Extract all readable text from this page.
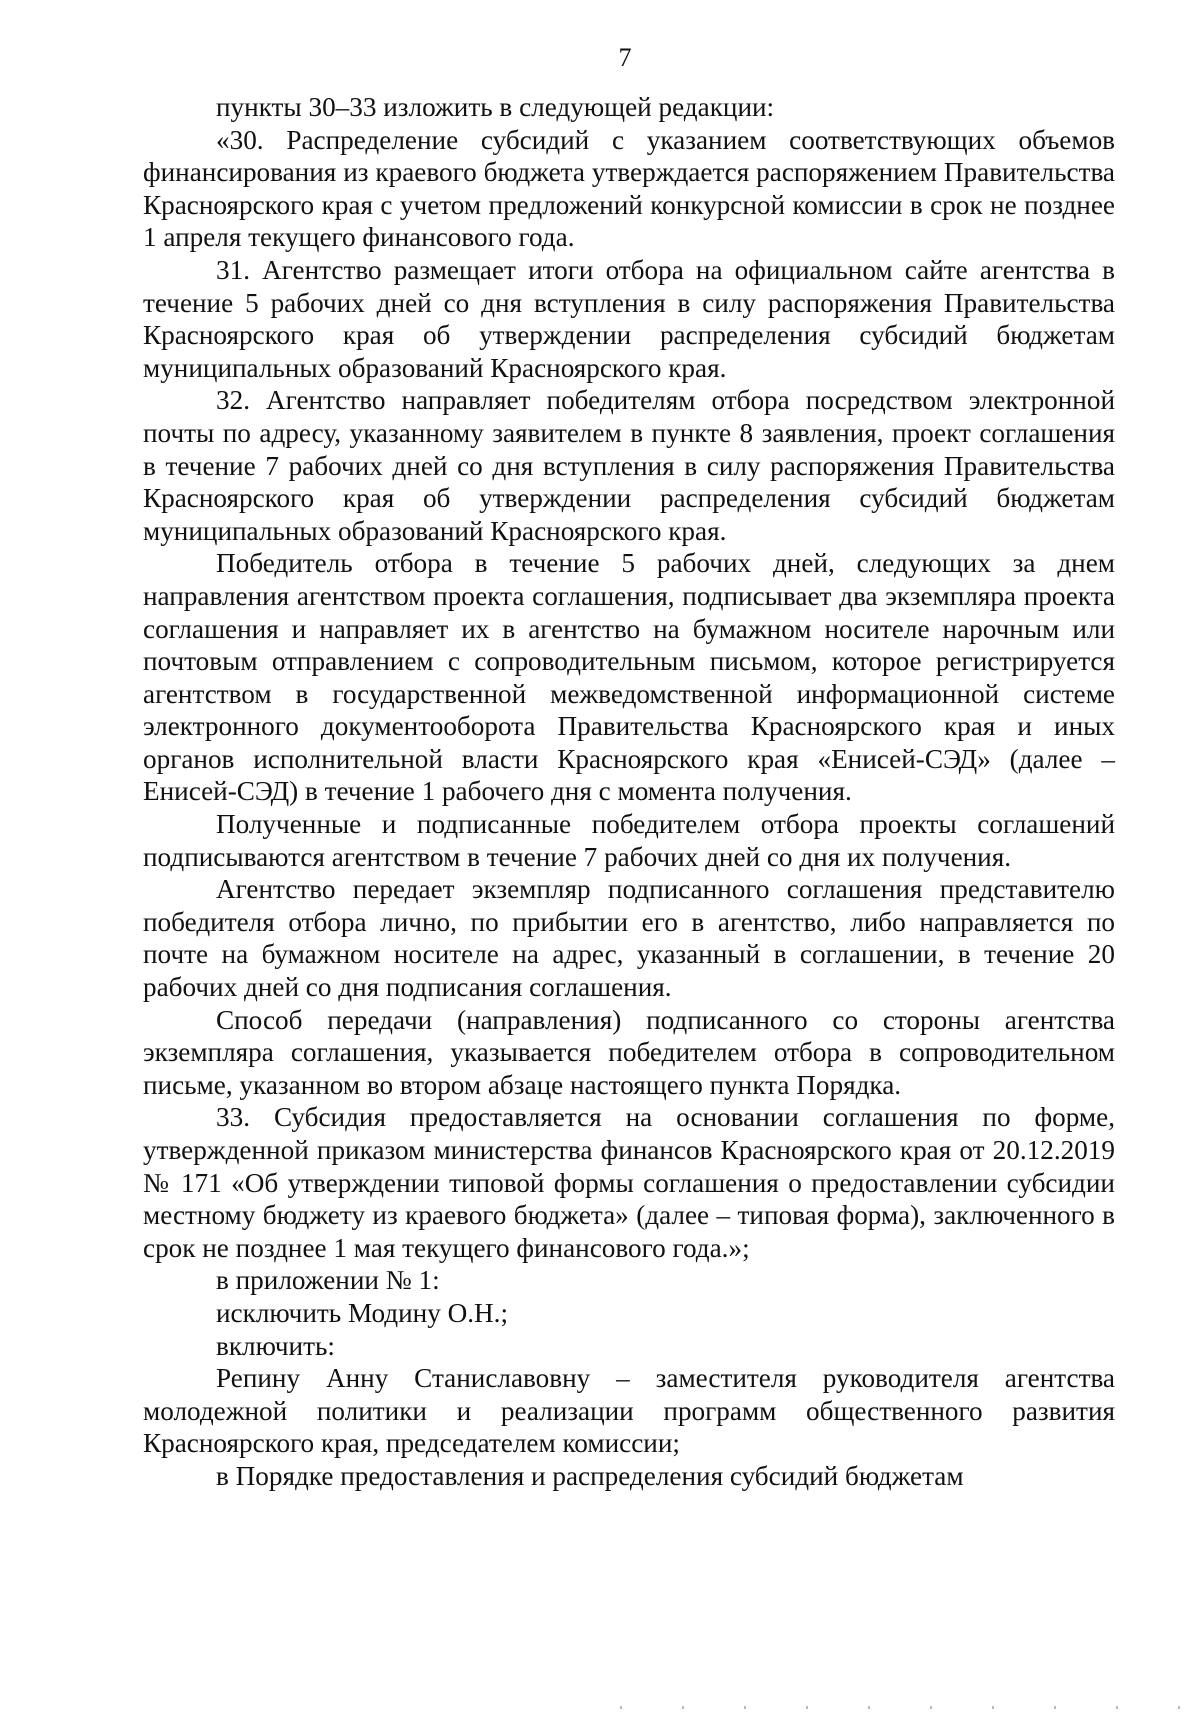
7

пункты 30–33 изложить в следующей редакции:

«30. Распределение субсидий с указанием соответствующих объемов финансирования из краевого бюджета утверждается распоряжением Правительства Красноярского края с учетом предложений конкурсной комиссии в срок не позднее 1 апреля текущего финансового года.

31. Агентство размещает итоги отбора на официальном сайте агентства в течение 5 рабочих дней со дня вступления в силу распоряжения Правительства Красноярского края об утверждении распределения субсидий бюджетам муниципальных образований Красноярского края.

32. Агентство направляет победителям отбора посредством электронной почты по адресу, указанному заявителем в пункте 8 заявления, проект соглашения в течение 7 рабочих дней со дня вступления в силу распоряжения Правительства Красноярского края об утверждении распределения субсидий бюджетам муниципальных образований Красноярского края.

Победитель отбора в течение 5 рабочих дней, следующих за днем направления агентством проекта соглашения, подписывает два экземпляра проекта соглашения и направляет их в агентство на бумажном носителе нарочным или почтовым отправлением с сопроводительным письмом, которое регистрируется агентством в государственной межведомственной информационной системе электронного документооборота Правительства Красноярского края и иных органов исполнительной власти Красноярского края «Енисей-СЭД» (далее – Енисей-СЭД) в течение 1 рабочего дня с момента получения.

Полученные и подписанные победителем отбора проекты соглашений подписываются агентством в течение 7 рабочих дней со дня их получения.

Агентство передает экземпляр подписанного соглашения представителю победителя отбора лично, по прибытии его в агентство, либо направляется по почте на бумажном носителе на адрес, указанный в соглашении, в течение 20 рабочих дней со дня подписания соглашения.

Способ передачи (направления) подписанного со стороны агентства экземпляра соглашения, указывается победителем отбора в сопроводительном письме, указанном во втором абзаце настоящего пункта Порядка.

33. Субсидия предоставляется на основании соглашения по форме, утвержденной приказом министерства финансов Красноярского края от 20.12.2019 № 171 «Об утверждении типовой формы соглашения о предоставлении субсидии местному бюджету из краевого бюджета» (далее – типовая форма), заключенного в срок не позднее 1 мая текущего финансового года.»;

в приложении № 1:

исключить Модину О.Н.;

включить:

Репину Анну Станиславовну – заместителя руководителя агентства молодежной политики и реализации программ общественного развития Красноярского края, председателем комиссии;

в Порядке предоставления и распределения субсидий бюджетам
